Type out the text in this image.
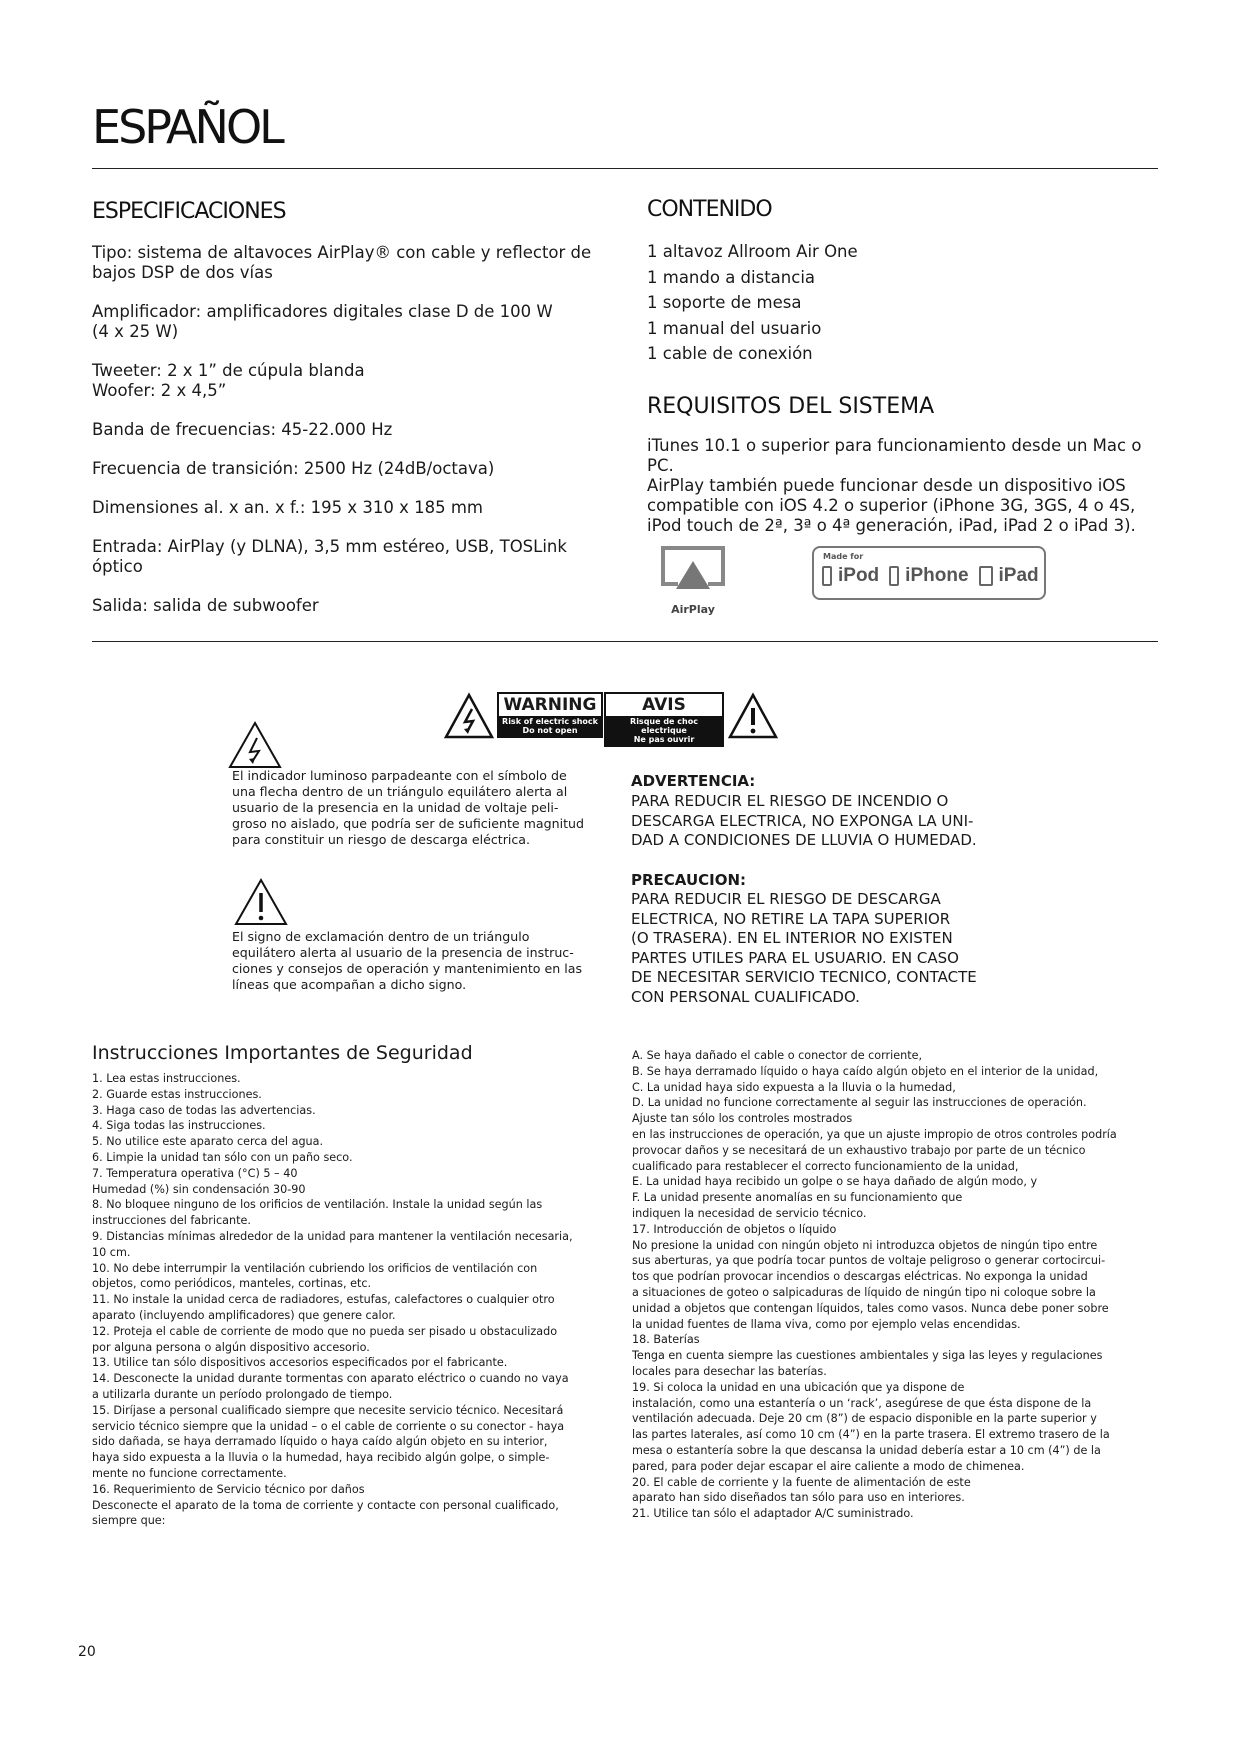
ESPAÑOL
ESPECIFICACIONES

Tipo: sistema de altavoces AirPlay® con cable y reflector de
bajos DSP de dos vías

Amplificador: amplificadores digitales clase D de 100 W
(4 x 25 W)

Tweeter: 2 x 1” de cúpula blanda
Woofer: 2 x 4,5”

Banda de frecuencias: 45-22.000 Hz

Frecuencia de transición: 2500 Hz (24dB/octava)

Dimensiones al. x an. x f.: 195 x 310 x 185 mm

Entrada: AirPlay (y DLNA), 3,5 mm estéreo, USB, TOSLink óptico

Salida: salida de subwoofer

CONTENIDO
1 altavoz Allroom Air One
1 mando a distancia
1 soporte de mesa
1 manual del usuario
1 cable de conexión
REQUISITOS DEL SISTEMA
iTunes 10.1 o superior para funcionamiento desde un Mac o PC.
AirPlay también puede funcionar desde un dispositivo iOS
compatible con iOS 4.2 o superior (iPhone 3G, 3GS, 4 o 4S,
iPod touch de 2ª, 3ª o 4ª generación, iPad, iPad 2 o iPad 3).
AirPlay
Made for
iPod iPhone iPad
WARNING
Risk of electric shock
Do not open
AVIS
Risque de choc electrique
Ne pas ouvrir
El indicador luminoso parpadeante con el símbolo de
una flecha dentro de un triángulo equilátero alerta al
usuario de la presencia en la unidad de voltaje peli-
groso no aislado, que podría ser de suficiente magnitud
para constituir un riesgo de descarga eléctrica.
El signo de exclamación dentro de un triángulo
equilátero alerta al usuario de la presencia de instruc-
ciones y consejos de operación y mantenimiento en las
líneas que acompañan a dicho signo.
ADVERTENCIA:
PARA REDUCIR EL RIESGO DE INCENDIO O
DESCARGA ELECTRICA, NO EXPONGA LA UNI-
DAD A CONDICIONES DE LLUVIA O HUMEDAD.
PRECAUCION:
PARA REDUCIR EL RIESGO DE DESCARGA
ELECTRICA, NO RETIRE LA TAPA SUPERIOR
(O TRASERA). EN EL INTERIOR NO EXISTEN
PARTES UTILES PARA EL USUARIO. EN CASO
DE NECESITAR SERVICIO TECNICO, CONTACTE
CON PERSONAL CUALIFICADO.
Instrucciones Importantes de Seguridad
1. Lea estas instrucciones.
2. Guarde estas instrucciones.
3. Haga caso de todas las advertencias.
4. Siga todas las instrucciones.
5. No utilice este aparato cerca del agua.
6. Limpie la unidad tan sólo con un paño seco.
7. Temperatura operativa (°C) 5 – 40
Humedad (%) sin condensación 30-90
8. No bloquee ninguno de los orificios de ventilación. Instale la unidad según las
instrucciones del fabricante.
9. Distancias mínimas alrededor de la unidad para mantener la ventilación necesaria,
10 cm.
10. No debe interrumpir la ventilación cubriendo los orificios de ventilación con
objetos, como periódicos, manteles, cortinas, etc.
11. No instale la unidad cerca de radiadores, estufas, calefactores o cualquier otro
aparato (incluyendo amplificadores) que genere calor.
12. Proteja el cable de corriente de modo que no pueda ser pisado u obstaculizado
por alguna persona o algún dispositivo accesorio.
13. Utilice tan sólo dispositivos accesorios especificados por el fabricante.
14. Desconecte la unidad durante tormentas con aparato eléctrico o cuando no vaya
a utilizarla durante un período prolongado de tiempo.
15. Diríjase a personal cualificado siempre que necesite servicio técnico. Necesitará
servicio técnico siempre que la unidad – o el cable de corriente o su conector - haya
sido dañada, se haya derramado líquido o haya caído algún objeto en su interior,
haya sido expuesta a la lluvia o la humedad, haya recibido algún golpe, o simple-
mente no funcione correctamente.
16. Requerimiento de Servicio técnico por daños
Desconecte el aparato de la toma de corriente y contacte con personal cualificado,
siempre que:
A. Se haya dañado el cable o conector de corriente,
B. Se haya derramado líquido o haya caído algún objeto en el interior de la unidad,
C. La unidad haya sido expuesta a la lluvia o la humedad,
D. La unidad no funcione correctamente al seguir las instrucciones de operación.
Ajuste tan sólo los controles mostrados
en las instrucciones de operación, ya que un ajuste impropio de otros controles podría
provocar daños y se necesitará de un exhaustivo trabajo por parte de un técnico
cualificado para restablecer el correcto funcionamiento de la unidad,
E. La unidad haya recibido un golpe o se haya dañado de algún modo, y
F. La unidad presente anomalías en su funcionamiento que
indiquen la necesidad de servicio técnico.
17. Introducción de objetos o líquido
No presione la unidad con ningún objeto ni introduzca objetos de ningún tipo entre
sus aberturas, ya que podría tocar puntos de voltaje peligroso o generar cortocircui-
tos que podrían provocar incendios o descargas eléctricas. No exponga la unidad
a situaciones de goteo o salpicaduras de líquido de ningún tipo ni coloque sobre la
unidad a objetos que contengan líquidos, tales como vasos. Nunca debe poner sobre
la unidad fuentes de llama viva, como por ejemplo velas encendidas.
18. Baterías
Tenga en cuenta siempre las cuestiones ambientales y siga las leyes y regulaciones
locales para desechar las baterías.
19. Si coloca la unidad en una ubicación que ya dispone de
instalación, como una estantería o un ‘rack’, asegúrese de que ésta dispone de la
ventilación adecuada. Deje 20 cm (8”) de espacio disponible en la parte superior y
las partes laterales, así como 10 cm (4”) en la parte trasera. El extremo trasero de la
mesa o estantería sobre la que descansa la unidad debería estar a 10 cm (4”) de la
pared, para poder dejar escapar el aire caliente a modo de chimenea.
20. El cable de corriente y la fuente de alimentación de este
aparato han sido diseñados tan sólo para uso en interiores.
21. Utilice tan sólo el adaptador A/C suministrado.
20
